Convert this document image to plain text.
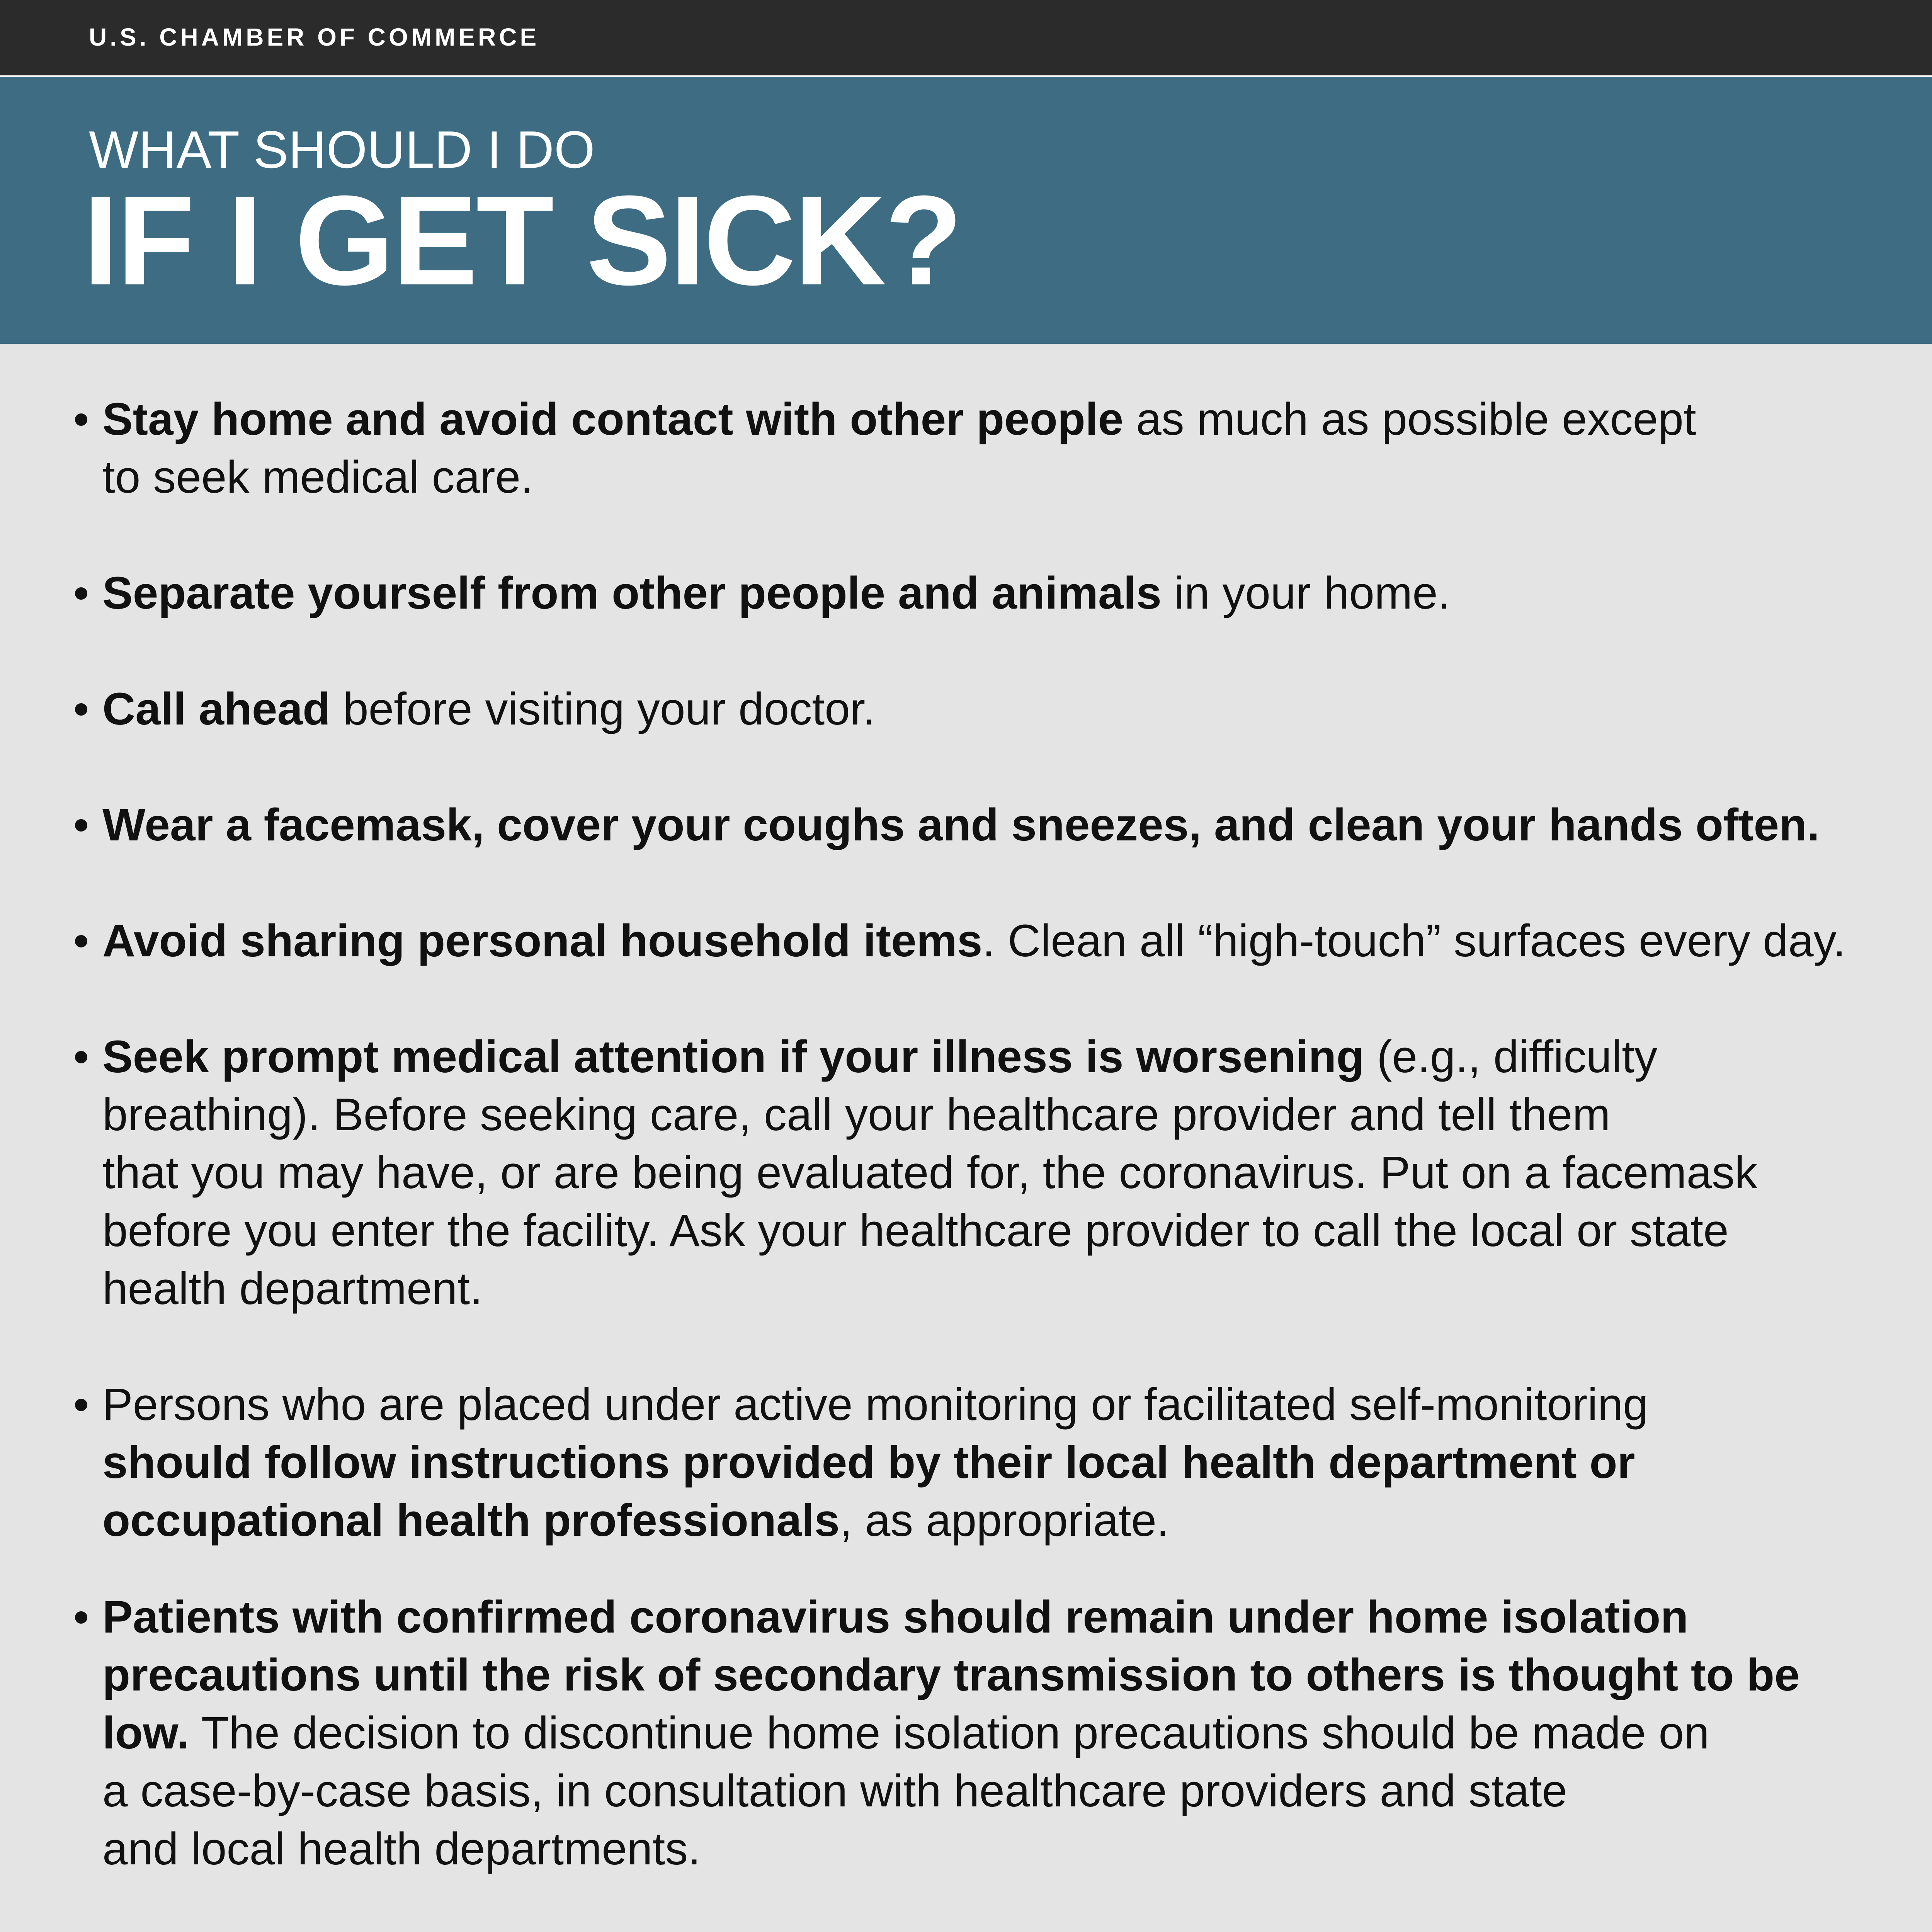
U.S. CHAMBER OF COMMERCE
WHAT SHOULD I DO
IF I GET SICK?
• Stay home and avoid contact with other people as much as possible except
to seek medical care.
• Separate yourself from other people and animals in your home.
• Call ahead before visiting your doctor.
• Wear a facemask, cover your coughs and sneezes, and clean your hands often.
• Avoid sharing personal household items. Clean all “high-touch” surfaces every day.
• Seek prompt medical attention if your illness is worsening (e.g., difficulty
breathing). Before seeking care, call your healthcare provider and tell them
that you may have, or are being evaluated for, the coronavirus. Put on a facemask
before you enter the facility. Ask your healthcare provider to call the local or state
health department.
• Persons who are placed under active monitoring or facilitated self-monitoring
should follow instructions provided by their local health department or
occupational health professionals, as appropriate.
• Patients with confirmed coronavirus should remain under home isolation
precautions until the risk of secondary transmission to others is thought to be
low. The decision to discontinue home isolation precautions should be made on
a case-by-case basis, in consultation with healthcare providers and state
and local health departments.
